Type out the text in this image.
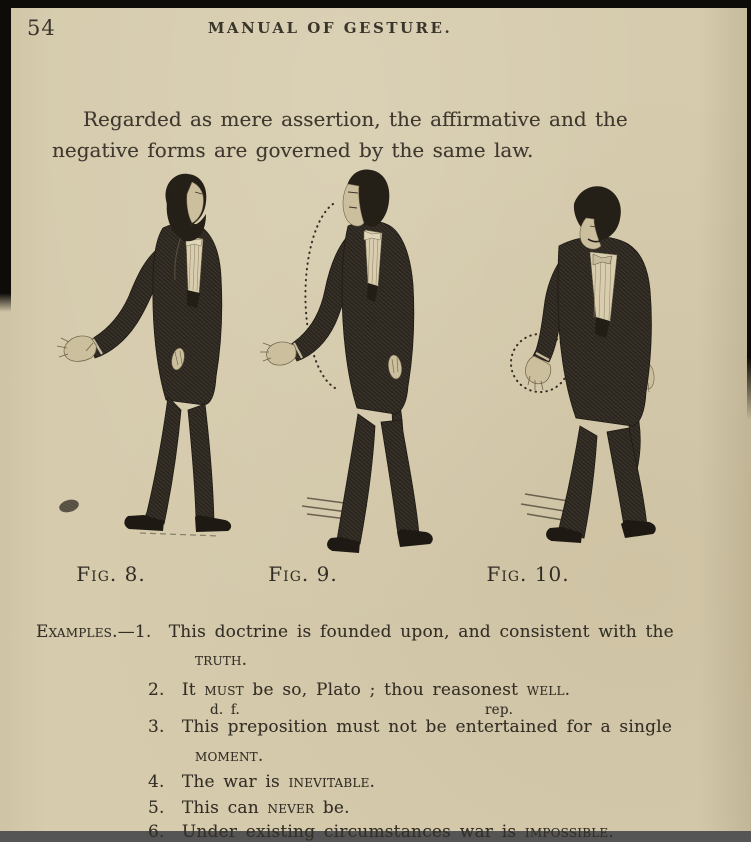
54	MANUAL OF GESTURE.

Regarded as mere assertion, the affirmative and the
negative forms are governed by the same law.

Fig. 8.	Fig. 9.	Fig. 10.
Examples.—1.  This doctrine is founded upon, and consistent with the
truth.
2.  It must be so, Plato ; thou reasonest well.
d. f.	rep.
3.  This preposition must not be entertained for a single
moment.
4.  The war is inevitable.
5.  This can never be.
6.  Under existing circumstances war is impossible.
